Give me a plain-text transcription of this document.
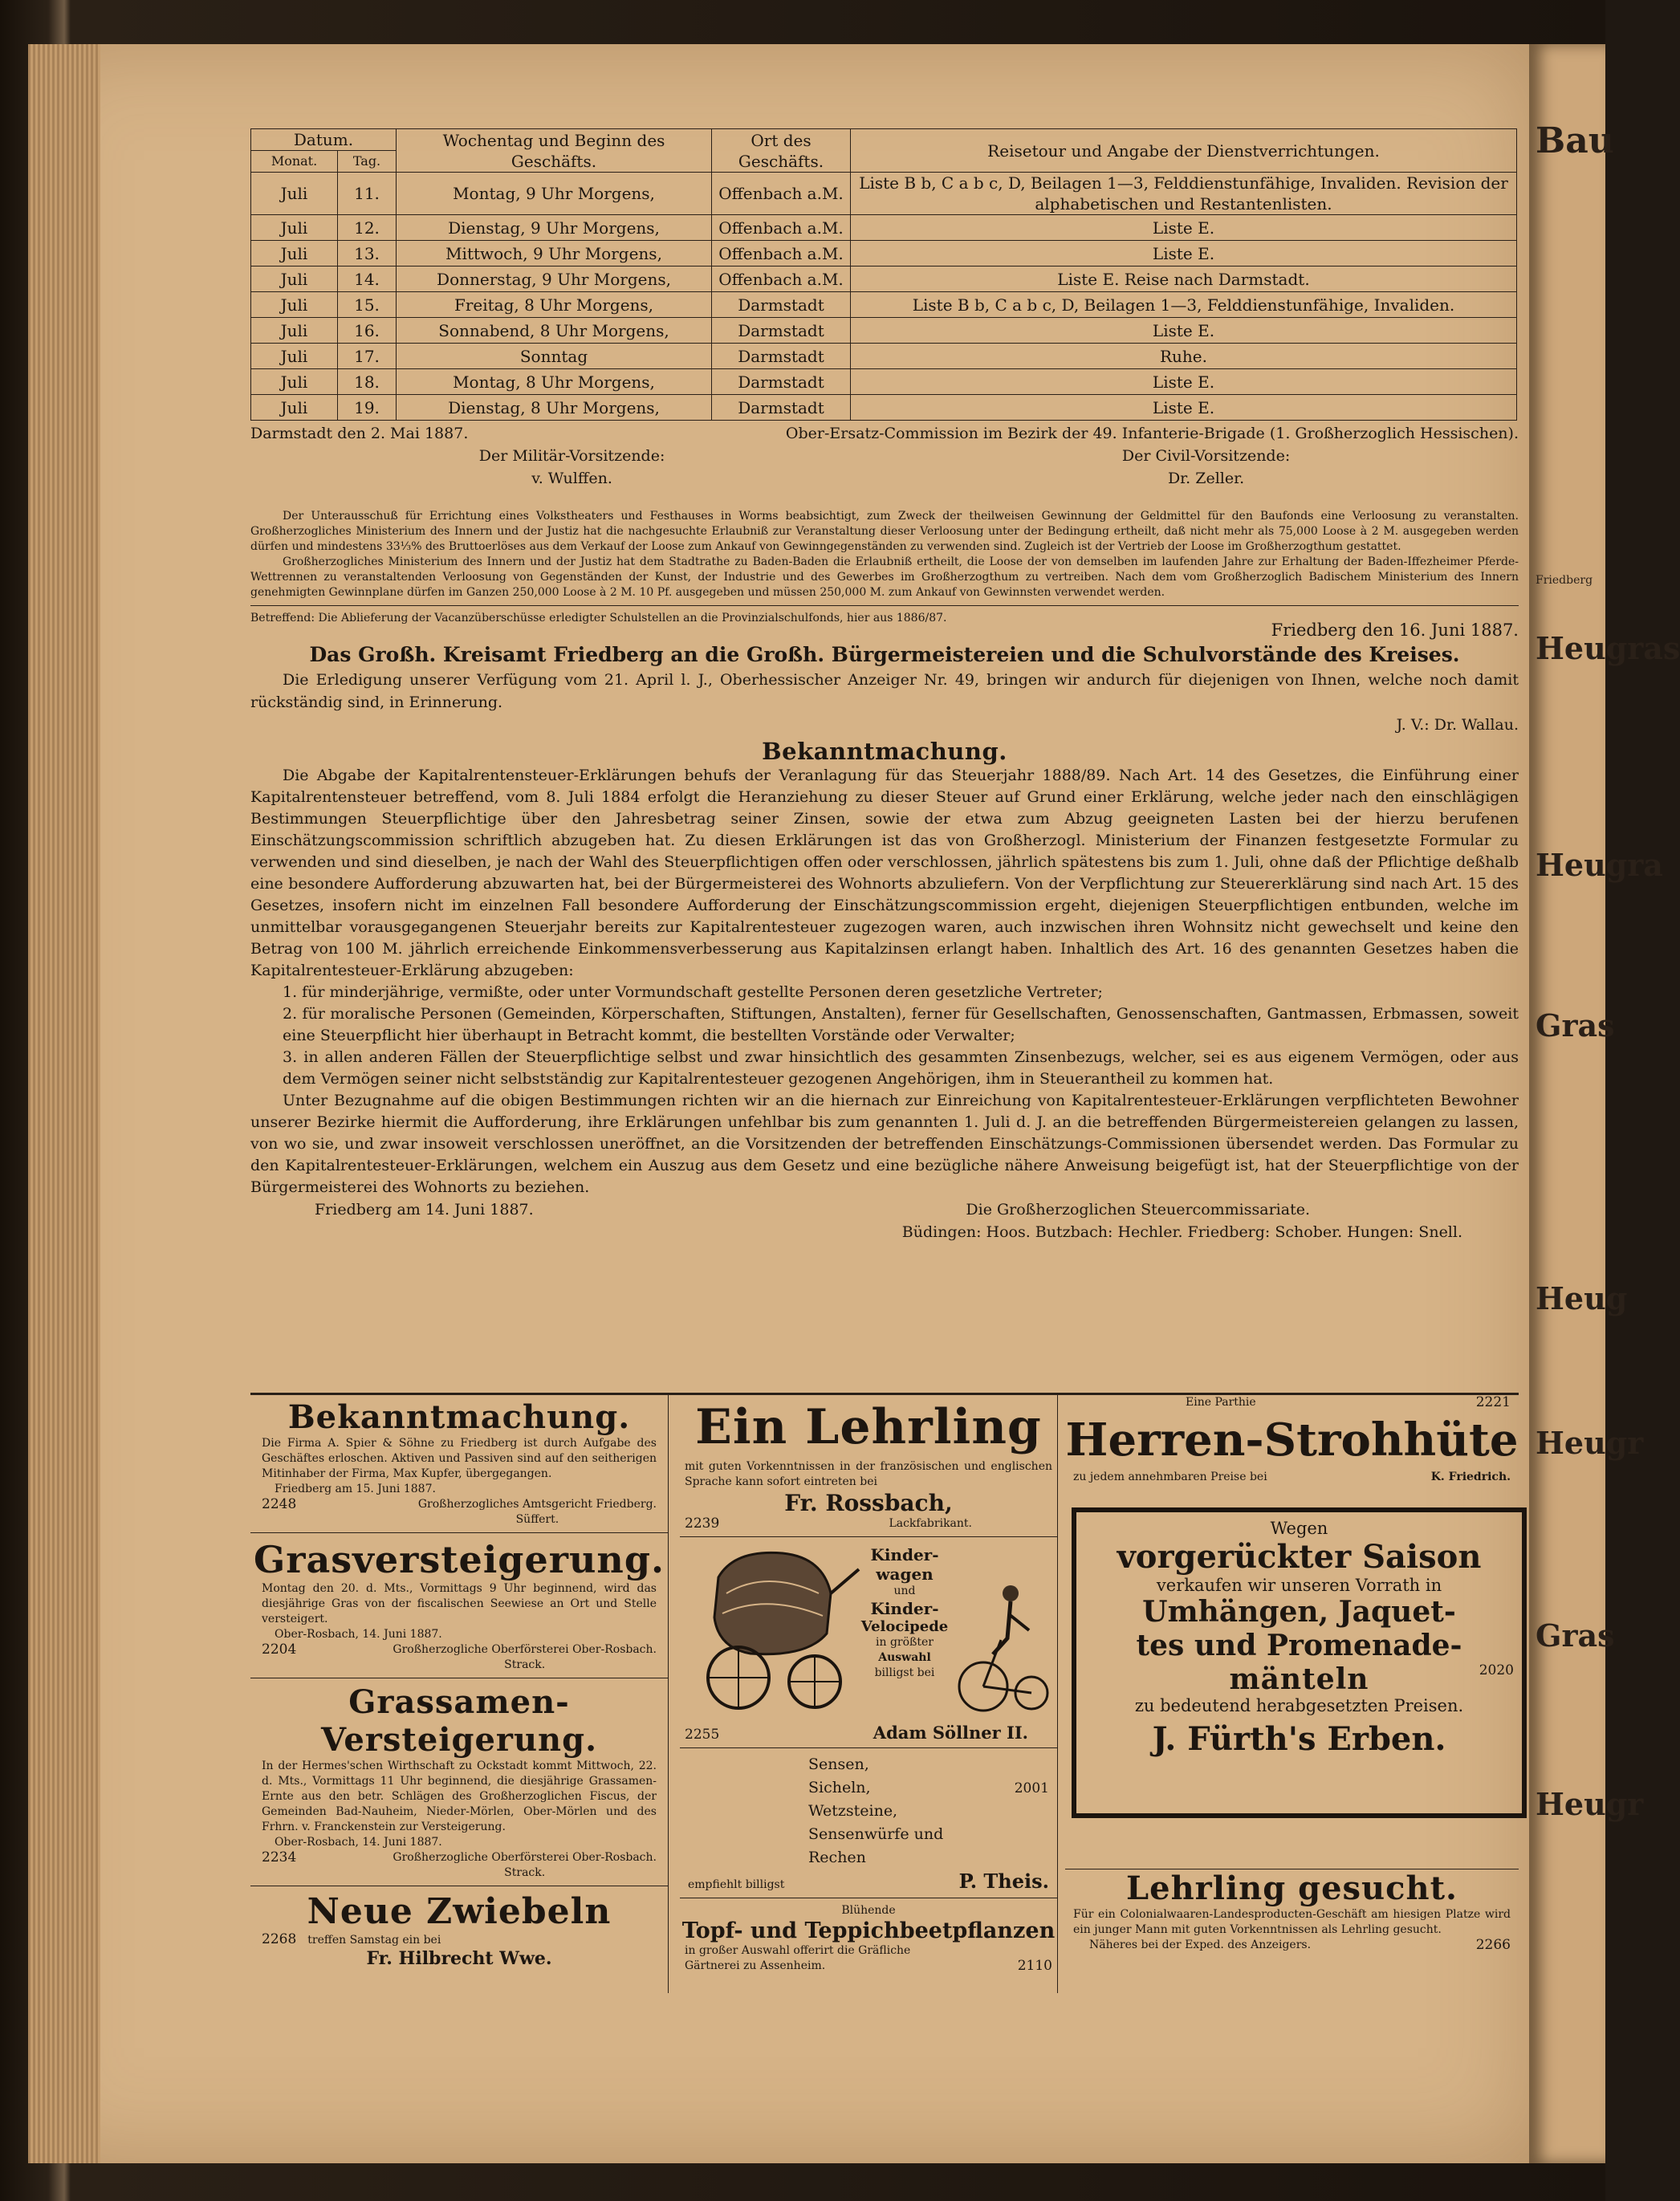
Bau
Friedberg
Heugras
Heugra
Gras
Heug
Heugr
Gras
Heugr
Datum.		Wochentag und Beginn des Geschäfts.	Ort des Geschäfts.	Reisetour und Angabe der Dienstverrichtungen.
Monat.	Tag.			
Juli	11.	Montag, 9 Uhr Morgens,	Offenbach a.M.	Liste B b, C a b c, D, Beilagen 1—3, Felddienstunfähige, Invaliden. Revision der alphabetischen und Restantenlisten.
Juli	12.	Dienstag, 9 Uhr Morgens,	Offenbach a.M.	Liste E.
Juli	13.	Mittwoch, 9 Uhr Morgens,	Offenbach a.M.	Liste E.
Juli	14.	Donnerstag, 9 Uhr Morgens,	Offenbach a.M.	Liste E. Reise nach Darmstadt.
Juli	15.	Freitag, 8 Uhr Morgens,	Darmstadt	Liste B b, C a b c, D, Beilagen 1—3, Felddienstunfähige, Invaliden.
Juli	16.	Sonnabend, 8 Uhr Morgens,	Darmstadt	Liste E.
Juli	17.	Sonntag	Darmstadt	Ruhe.
Juli	18.	Montag, 8 Uhr Morgens,	Darmstadt	Liste E.
Juli	19.	Dienstag, 8 Uhr Morgens,	Darmstadt	Liste E.
Darmstadt den 2. Mai 1887.	Ober-Ersatz-Commission im Bezirk der 49. Infanterie-Brigade (1. Großherzoglich Hessischen).
Der Militär-Vorsitzende:
v. Wulffen.
Der Civil-Vorsitzende:
Dr. Zeller.
Der Unterausschuß für Errichtung eines Volkstheaters und Festhauses in Worms beabsichtigt, zum Zweck der theilweisen Gewinnung der Geldmittel für den Baufonds eine Verloosung zu veranstalten. Großherzogliches Ministerium des Innern und der Justiz hat die nachgesuchte Erlaubniß zur Veranstaltung dieser Verloosung unter der Bedingung ertheilt, daß nicht mehr als 75,000 Loose à 2 M. ausgegeben werden dürfen und mindestens 33⅓% des Bruttoerlöses aus dem Verkauf der Loose zum Ankauf von Gewinngegenständen zu verwenden sind. Zugleich ist der Vertrieb der Loose im Großherzogthum gestattet.
Großherzogliches Ministerium des Innern und der Justiz hat dem Stadtrathe zu Baden-Baden die Erlaubniß ertheilt, die Loose der von demselben im laufenden Jahre zur Erhaltung der Baden-Iffezheimer Pferde-Wettrennen zu veranstaltenden Verloosung von Gegenständen der Kunst, der Industrie und des Gewerbes im Großherzogthum zu vertreiben. Nach dem vom Großherzoglich Badischem Ministerium des Innern genehmigten Gewinnplane dürfen im Ganzen 250,000 Loose à 2 M. 10 Pf. ausgegeben und müssen 250,000 M. zum Ankauf von Gewinnsten verwendet werden.
Betreffend: Die Ablieferung der Vacanzüberschüsse erledigter Schulstellen an die Provinzialschulfonds, hier aus 1886/87.
Friedberg den 16. Juni 1887.
Das Großh. Kreisamt Friedberg an die Großh. Bürgermeistereien und die Schulvorstände des Kreises.
Die Erledigung unserer Verfügung vom 21. April l. J., Oberhessischer Anzeiger Nr. 49, bringen wir andurch für diejenigen von Ihnen, welche noch damit rückständig sind, in Erinnerung.
J. V.: Dr. Wallau.
Bekanntmachung.
Die Abgabe der Kapitalrentensteuer-Erklärungen behufs der Veranlagung für das Steuerjahr 1888/89. Nach Art. 14 des Gesetzes, die Einführung einer Kapitalrentensteuer betreffend, vom 8. Juli 1884 erfolgt die Heranziehung zu dieser Steuer auf Grund einer Erklärung, welche jeder nach den einschlägigen Bestimmungen Steuerpflichtige über den Jahresbetrag seiner Zinsen, sowie der etwa zum Abzug geeigneten Lasten bei der hierzu berufenen Einschätzungscommission schriftlich abzugeben hat. Zu diesen Erklärungen ist das von Großherzogl. Ministerium der Finanzen festgesetzte Formular zu verwenden und sind dieselben, je nach der Wahl des Steuerpflichtigen offen oder verschlossen, jährlich spätestens bis zum 1. Juli, ohne daß der Pflichtige deßhalb eine besondere Aufforderung abzuwarten hat, bei der Bürgermeisterei des Wohnorts abzuliefern. Von der Verpflichtung zur Steuererklärung sind nach Art. 15 des Gesetzes, insofern nicht im einzelnen Fall besondere Aufforderung der Einschätzungscommission ergeht, diejenigen Steuerpflichtigen entbunden, welche im unmittelbar vorausgegangenen Steuerjahr bereits zur Kapitalrentesteuer zugezogen waren, auch inzwischen ihren Wohnsitz nicht gewechselt und keine den Betrag von 100 M. jährlich erreichende Einkommensverbesserung aus Kapitalzinsen erlangt haben. Inhaltlich des Art. 16 des genannten Gesetzes haben die Kapitalrentesteuer-Erklärung abzugeben:
1. für minderjährige, vermißte, oder unter Vormundschaft gestellte Personen deren gesetzliche Vertreter;
2. für moralische Personen (Gemeinden, Körperschaften, Stiftungen, Anstalten), ferner für Gesellschaften, Genossenschaften, Gantmassen, Erbmassen, soweit eine Steuerpflicht hier überhaupt in Betracht kommt, die bestellten Vorstände oder Verwalter;
3. in allen anderen Fällen der Steuerpflichtige selbst und zwar hinsichtlich des gesammten Zinsenbezugs, welcher, sei es aus eigenem Vermögen, oder aus dem Vermögen seiner nicht selbstständig zur Kapitalrentesteuer gezogenen Angehörigen, ihm in Steuerantheil zu kommen hat.
Unter Bezugnahme auf die obigen Bestimmungen richten wir an die hiernach zur Einreichung von Kapitalrentesteuer-Erklärungen verpflichteten Bewohner unserer Bezirke hiermit die Aufforderung, ihre Erklärungen unfehlbar bis zum genannten 1. Juli d. J. an die betreffenden Bürgermeistereien gelangen zu lassen, von wo sie, und zwar insoweit verschlossen uneröffnet, an die Vorsitzenden der betreffenden Einschätzungs-Commissionen übersendet werden. Das Formular zu den Kapitalrentesteuer-Erklärungen, welchem ein Auszug aus dem Gesetz und eine bezügliche nähere Anweisung beigefügt ist, hat der Steuerpflichtige von der Bürgermeisterei des Wohnorts zu beziehen.
Friedberg am 14. Juni 1887.	Die Großherzoglichen Steuercommissariate.
Büdingen: Hoos. Butzbach: Hechler. Friedberg: Schober. Hungen: Snell.
Bekanntmachung.
Die Firma A. Spier & Söhne zu Friedberg ist durch Aufgabe des Geschäftes erloschen. Aktiven und Passiven sind auf den seitherigen Mitinhaber der Firma, Max Kupfer, übergegangen.
Friedberg am 15. Juni 1887.
2248	Großherzogliches Amtsgericht Friedberg.
Süffert.
Grasversteigerung.
Montag den 20. d. Mts., Vormittags 9 Uhr beginnend, wird das diesjährige Gras von der fiscalischen Seewiese an Ort und Stelle versteigert.
Ober-Rosbach, 14. Juni 1887.
2204	Großherzogliche Oberförsterei Ober-Rosbach.
Strack.
Grassamen-Versteigerung.
In der Hermes'schen Wirthschaft zu Ockstadt kommt Mittwoch, 22. d. Mts., Vormittags 11 Uhr beginnend, die diesjährige Grassamen-Ernte aus den betr. Schlägen des Großherzoglichen Fiscus, der Gemeinden Bad-Nauheim, Nieder-Mörlen, Ober-Mörlen und des Frhrn. v. Franckenstein zur Versteigerung.
Ober-Rosbach, 14. Juni 1887.
2234	Großherzogliche Oberförsterei Ober-Rosbach.
Strack.
Neue Zwiebeln
2268 treffen Samstag ein bei
Fr. Hilbrecht Wwe.
Ein Lehrling
mit guten Vorkenntnissen in der französischen und englischen Sprache kann sofort eintreten bei
Fr. Rossbach,
2239	Lackfabrikant.
Kinder-
wagen
und
Kinder-
Velocipede
in größter
Auswahl
billigst bei
2255	Adam Söllner II.
Sensen,
Sicheln,
Wetzsteine,
Sensenwürfe und
Rechen
2001
empfiehlt billigst	P. Theis.
Blühende
Topf- und Teppichbeetpflanzen
in großer Auswahl offerirt die Gräfliche Gärtnerei zu Assenheim.	2110
Eine Parthie	2221
Herren-Strohhüte
zu jedem annehmbaren Preise bei	K. Friedrich.
Wegen
vorgerückter Saison
verkaufen wir unseren Vorrath in
Umhängen, Jaquet-
tes und Promenade-
mänteln	2020
zu bedeutend herabgesetzten Preisen.
J. Fürth's Erben.
Lehrling gesucht.
Für ein Colonialwaaren-Landesproducten-Geschäft am hiesigen Platze wird ein junger Mann mit guten Vorkenntnissen als Lehrling gesucht.
Näheres bei der Exped. des Anzeigers.	2266
